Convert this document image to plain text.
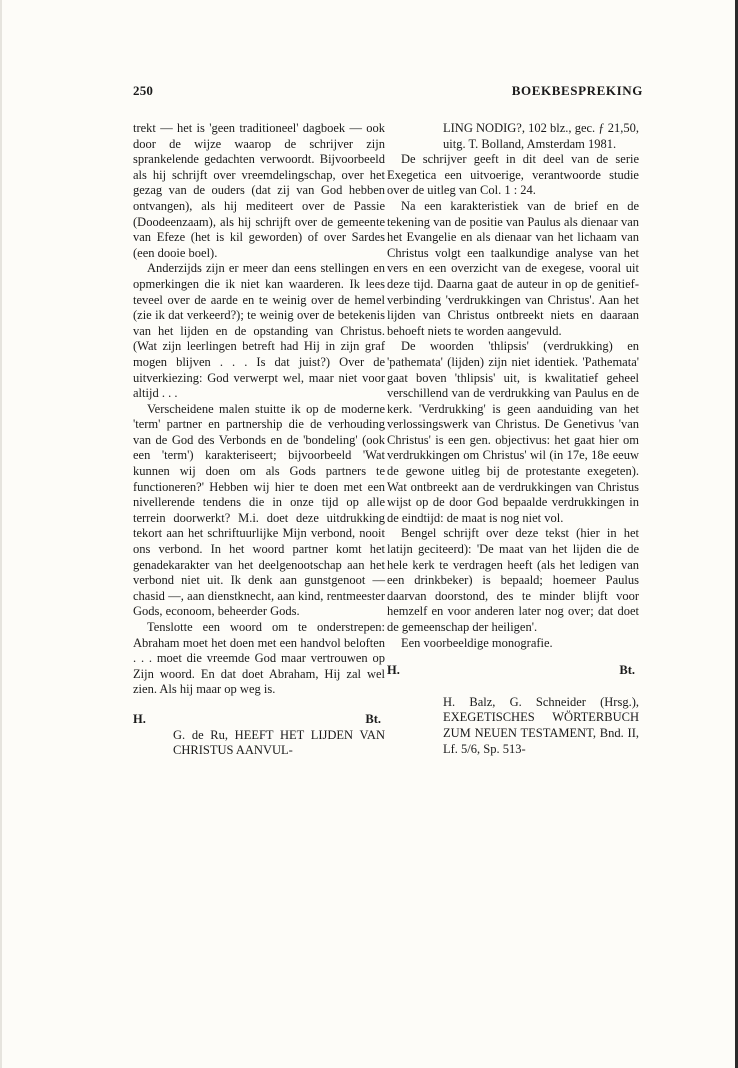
250	BOEKBESPREKING

trekt — het is 'geen traditioneel' dagboek — ook door de wijze waarop de schrijver zijn sprankelende gedachten verwoordt. Bijvoorbeeld als hij schrijft over vreemdelingschap, over het gezag van de ouders (dat zij van God hebben ontvangen), als hij mediteert over de Passie (Doodeenzaam), als hij schrijft over de gemeente van Efeze (het is kil geworden) of over Sardes (een dooie boel).

Anderzijds zijn er meer dan eens stellingen en opmerkingen die ik niet kan waarderen. Ik lees teveel over de aarde en te weinig over de hemel (zie ik dat verkeerd?); te weinig over de betekenis van het lijden en de opstanding van Christus. (Wat zijn leerlingen betreft had Hij in zijn graf mogen blijven . . . Is dat juist?) Over de uitverkiezing: God verwerpt wel, maar niet voor altijd . . .

Verscheidene malen stuitte ik op de moderne 'term' partner en partnership die de verhouding van de God des Verbonds en de 'bondeling' (ook een 'term') karakteriseert; bijvoorbeeld 'Wat kunnen wij doen om als Gods partners te functioneren?' Hebben wij hier te doen met een nivellerende tendens die in onze tijd op alle terrein doorwerkt? M.i. doet deze uitdrukking tekort aan het schriftuurlijke Mijn verbond, nooit ons verbond. In het woord partner komt het genadekarakter van het deelgenootschap aan het verbond niet uit. Ik denk aan gunstgenoot — chasid —, aan dienstknecht, aan kind, rentmeester Gods, econoom, beheerder Gods.

Tenslotte een woord om te onderstrepen: Abraham moet het doen met een handvol beloften . . . moet die vreemde God maar vertrouwen op Zijn woord. En dat doet Abraham, Hij zal wel zien. Als hij maar op weg is.

H.	Bt.

G. de Ru, HEEFT HET LIJDEN VAN CHRISTUS AANVUL-

LING NODIG?, 102 blz., gec. ƒ 21,50, uitg. T. Bolland, Amsterdam 1981.

De schrijver geeft in dit deel van de serie Exegetica een uitvoerige, verantwoorde studie over de uitleg van Col. 1 : 24.

Na een karakteristiek van de brief en de tekening van de positie van Paulus als dienaar van het Evangelie en als dienaar van het lichaam van Christus volgt een taalkundige analyse van het vers en een overzicht van de exegese, vooral uit deze tijd. Daarna gaat de auteur in op de genitief-verbinding 'verdrukkingen van Christus'. Aan het lijden van Christus ontbreekt niets en daaraan behoeft niets te worden aangevuld.

De woorden 'thlipsis' (verdrukking) en 'pathemata' (lijden) zijn niet identiek. 'Pathemata' gaat boven 'thlipsis' uit, is kwalitatief geheel verschillend van de verdrukking van Paulus en de kerk. 'Verdrukking' is geen aanduiding van het verlossingswerk van Christus. De Genetivus 'van Christus' is een gen. objectivus: het gaat hier om verdrukkingen om Christus' wil (in 17e, 18e eeuw de gewone uitleg bij de protestante exegeten). Wat ontbreekt aan de verdrukkingen van Christus wijst op de door God bepaalde verdrukkingen in de eindtijd: de maat is nog niet vol.

Bengel schrijft over deze tekst (hier in het latijn geciteerd): 'De maat van het lijden die de hele kerk te verdragen heeft (als het ledigen van een drinkbeker) is bepaald; hoemeer Paulus daarvan doorstond, des te minder blijft voor hemzelf en voor anderen later nog over; dat doet de gemeenschap der heiligen'.

Een voorbeeldige monografie.

H.	Bt.

H. Balz, G. Schneider (Hrsg.), EXEGETISCHES WÖRTERBUCH ZUM NEUEN TESTAMENT, Bnd. II, Lf. 5/6, Sp. 513-
